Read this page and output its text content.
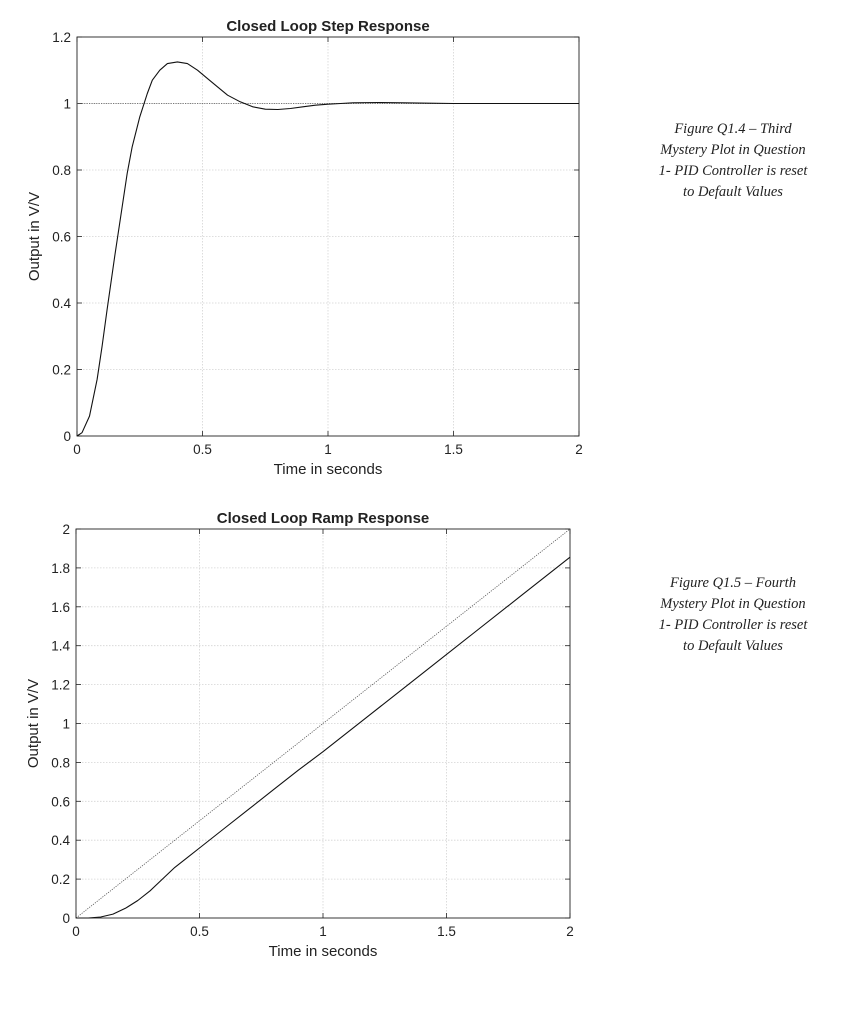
0	0.5	1	1.5	2
0
0.2
0.4
0.6
0.8
1
1.2
Closed Loop Step Response
Time in seconds
Output in V/V
Figure Q1.4 – Third Mystery Plot in Question 1- PID Controller is reset to Default Values
0	0.5	1	1.5	2
0
0.2
0.4
0.6
0.8
1
1.2
1.4
1.6
1.8
2
Closed Loop Ramp Response
Time in seconds
Output in V/V
Figure Q1.5 – Fourth Mystery Plot in Question 1- PID Controller is reset to Default Values
